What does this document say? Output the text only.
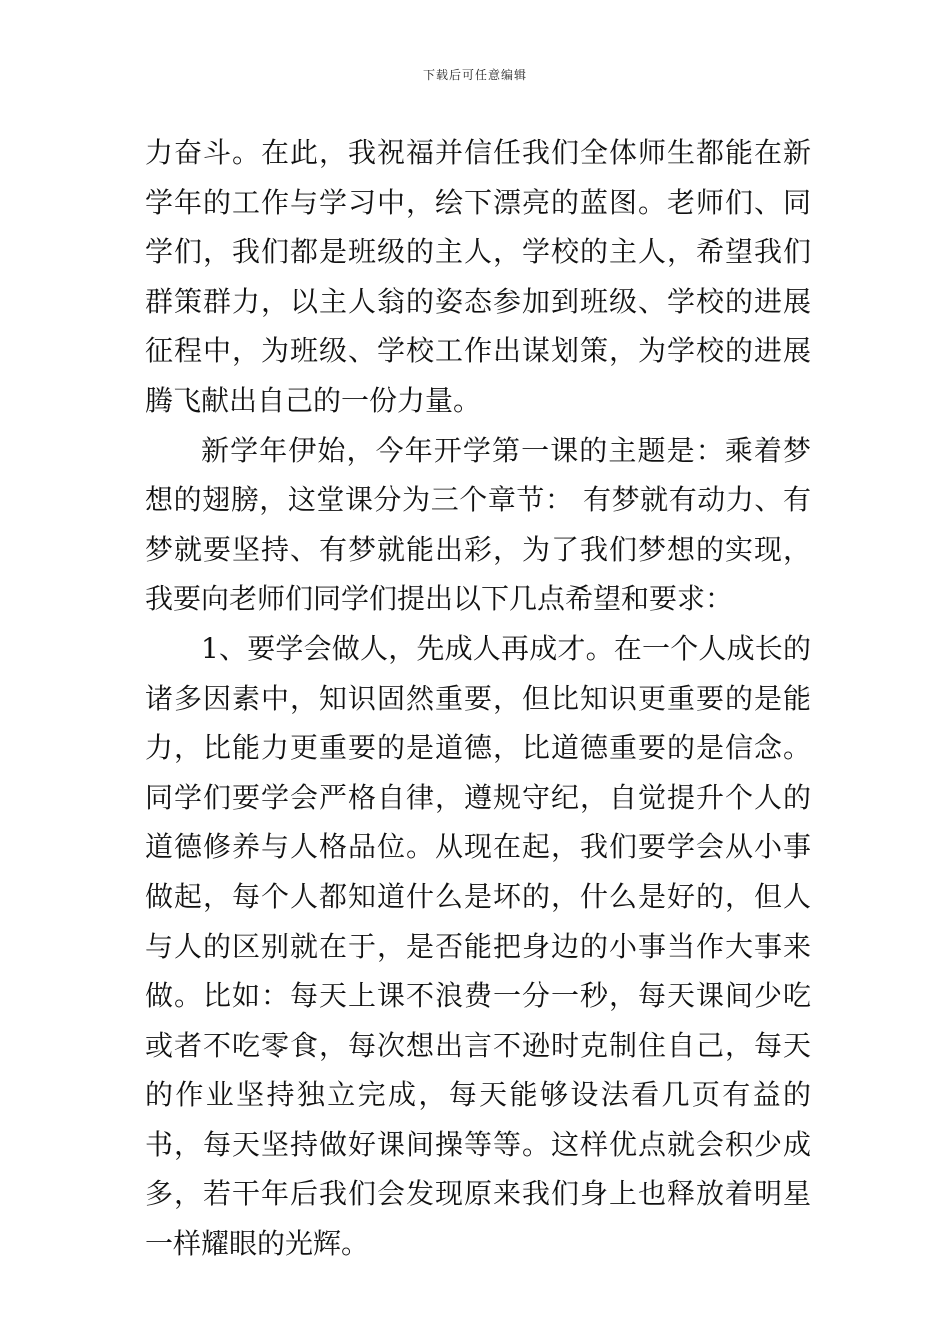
下载后可任意编辑

力奋斗。在此，我祝福并信任我们全体师生都能在新学年的工作与学习中，绘下漂亮的蓝图。老师们、同学们，我们都是班级的主人，学校的主人，希望我们群策群力，以主人翁的姿态参加到班级、学校的进展征程中，为班级、学校工作出谋划策，为学校的进展腾飞献出自己的一份力量。

新学年伊始，今年开学第一课的主题是：乘着梦想的翅膀，这堂课分为三个章节： 有梦就有动力、有梦就要坚持、有梦就能出彩，为了我们梦想的实现，我要向老师们同学们提出以下几点希望和要求：

1、要学会做人，先成人再成才。在一个人成长的诸多因素中，知识固然重要，但比知识更重要的是能力，比能力更重要的是道德，比道德重要的是信念。同学们要学会严格自律，遵规守纪，自觉提升个人的道德修养与人格品位。从现在起，我们要学会从小事做起，每个人都知道什么是坏的，什么是好的，但人与人的区别就在于，是否能把身边的小事当作大事来做。比如：每天上课不浪费一分一秒，每天课间少吃或者不吃零食，每次想出言不逊时克制住自己，每天的作业坚持独立完成，每天能够设法看几页有益的书，每天坚持做好课间操等等。这样优点就会积少成多，若干年后我们会发现原来我们身上也释放着明星一样耀眼的光辉。
